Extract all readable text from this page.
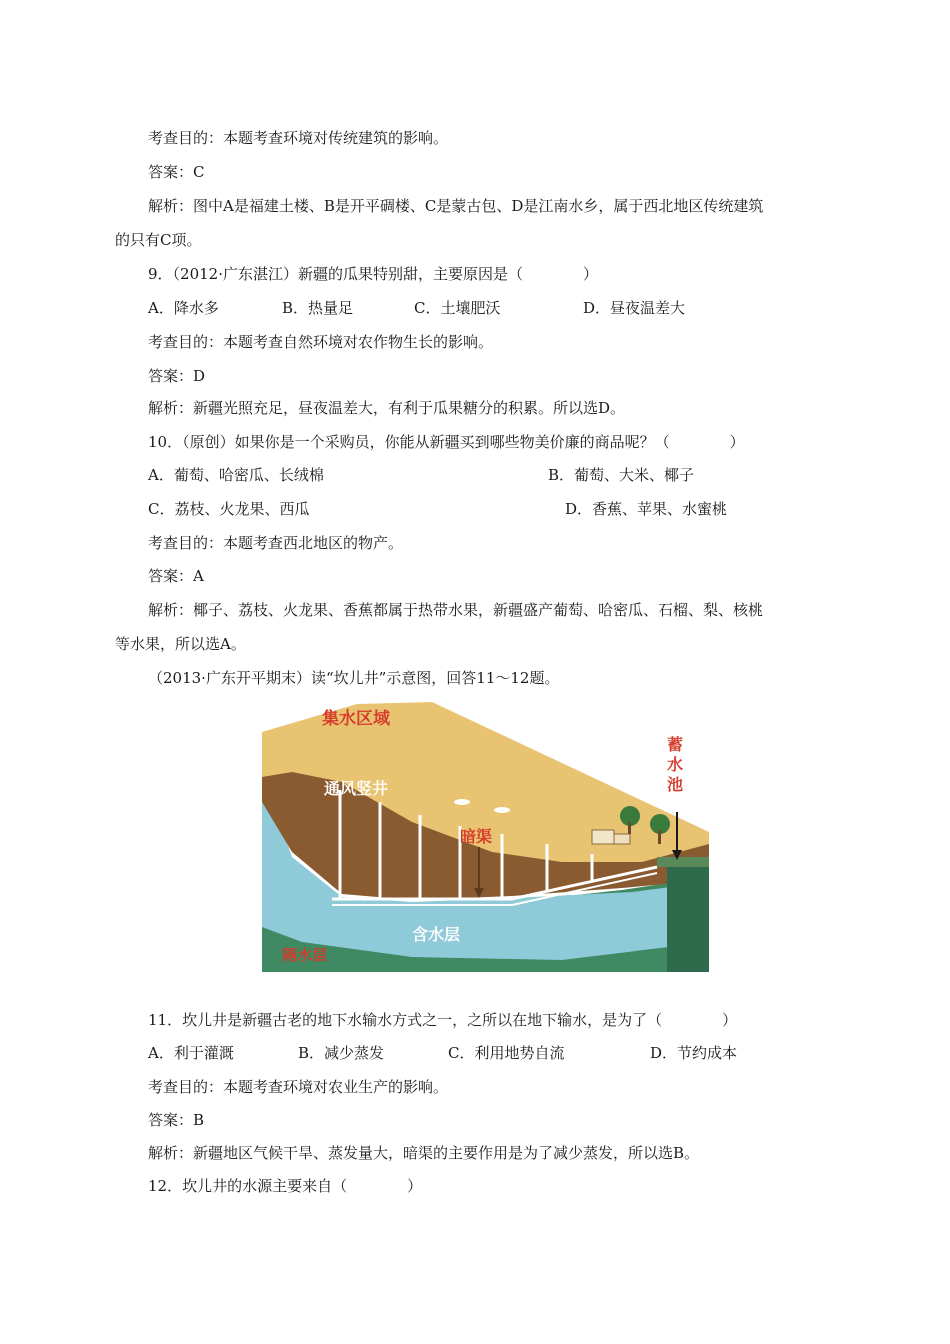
考查目的：本题考查环境对传统建筑的影响。
答案：C
解析：图中A是福建土楼、B是开平碉楼、C是蒙古包、D是江南水乡，属于西北地区传统建筑
的只有C项。
9．（2012·广东湛江）新疆的瓜果特别甜，主要原因是（　　　　）
A．降水多	B．热量足	C．土壤肥沃	D．昼夜温差大
考查目的：本题考查自然环境对农作物生长的影响。
答案：D
解析：新疆光照充足，昼夜温差大，有利于瓜果糖分的积累。所以选D。
10．（原创）如果你是一个采购员，你能从新疆买到哪些物美价廉的商品呢？（　　　　）
A．葡萄、哈密瓜、长绒棉	B．葡萄、大米、椰子
C．荔枝、火龙果、西瓜	D．香蕉、苹果、水蜜桃
考查目的：本题考查西北地区的物产。
答案：A
解析：椰子、荔枝、火龙果、香蕉都属于热带水果，新疆盛产葡萄、哈密瓜、石榴、梨、核桃
等水果，所以选A。
（2013·广东开平期末）读“坎儿井”示意图，回答11～12题。
集水区域
通风竖井
暗渠
蓄
水
池
含水层
隔水层
11．坎儿井是新疆古老的地下水输水方式之一，之所以在地下输水，是为了（　　　　）
A．利于灌溉	B．减少蒸发	C．利用地势自流	D．节约成本
考查目的：本题考查环境对农业生产的影响。
答案：B
解析：新疆地区气候干旱、蒸发量大，暗渠的主要作用是为了减少蒸发，所以选B。
12．坎儿井的水源主要来自（　　　　）
